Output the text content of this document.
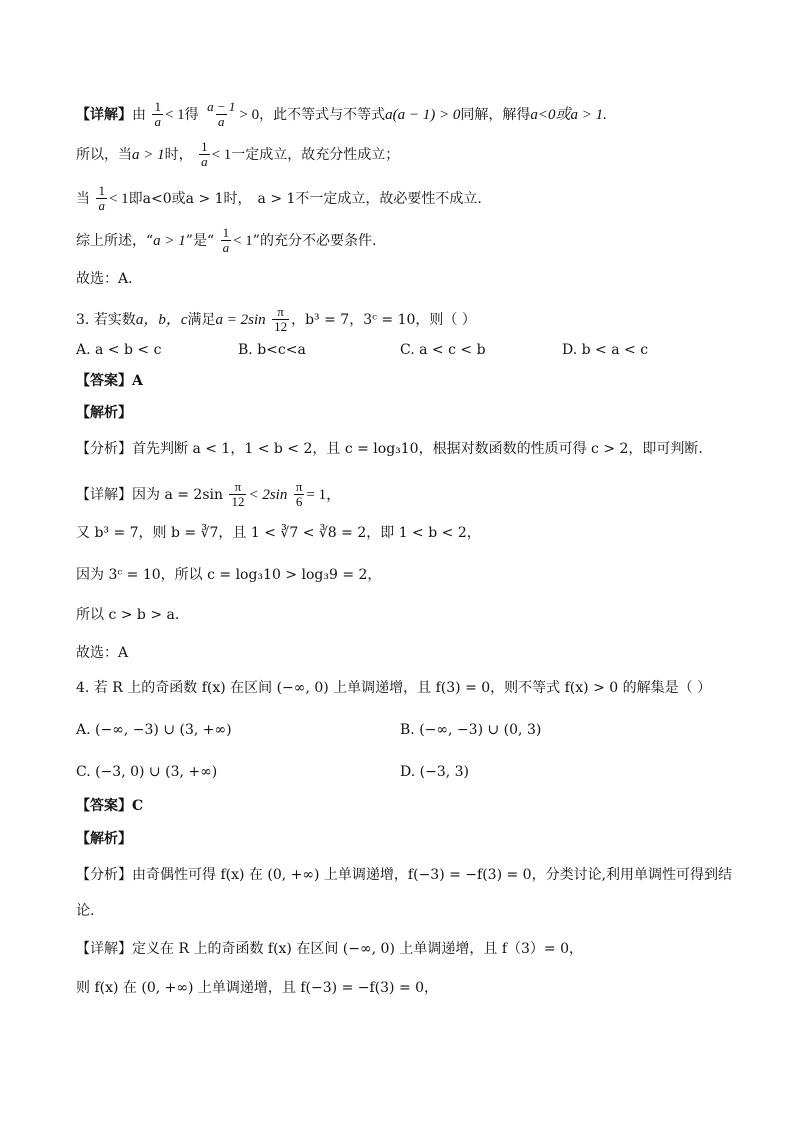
【详解】由 $\frac{1}{a} < 1$得 $\frac{a - 1}{a} > 0$，此不等式与不等式a(a − 1) > 0同解，解得a<0或a > 1.
所以，当a > 1时， $\frac{1}{a} < 1$一定成立，故充分性成立；
当 $\frac{1}{a} < 1$即a<0或a > 1时， a > 1不一定成立，故必要性不成立.
综上所述，“a > 1”是“ $\frac{1}{a} < 1$”的充分不必要条件.
故选：A.
3. 若实数a，b，c满足$a = 2\sin \frac{\pi}{12}$ ，b³ = 7，3ᶜ = 10，则（ ）
A. a < b < c	B. b<c<a	C. a < c < b	D. b < a < c
【答案】A
【解析】
【分析】首先判断 a < 1，1 < b < 2，且 c = log₃10，根据对数函数的性质可得 c > 2，即可判断.
【详解】因为 $a = 2\sin \frac{\pi}{12} < 2\sin \frac{\pi}{6} = 1$，
又 b³ = 7，则 b = ∛7，且 1 < ∛7 < ∛8 = 2，即 1 < b < 2，
因为 3ᶜ = 10，所以 c = log₃10 > log₃9 = 2，
所以 c > b > a.
故选：A
4. 若 R 上的奇函数 f(x) 在区间 (−∞, 0) 上单调递增，且 f(3) = 0，则不等式 f(x) > 0 的解集是（ ）
A. (−∞, −3) ∪ (3, +∞)	B. (−∞, −3) ∪ (0, 3)
C. (−3, 0) ∪ (3, +∞)	D. (−3, 3)
【答案】C
【解析】
【分析】由奇偶性可得 f(x) 在 (0, +∞) 上单调递增，f(−3) = −f(3) = 0，分类讨论,利用单调性可得到结
论.
【详解】定义在 R 上的奇函数 f(x) 在区间 (−∞, 0) 上单调递增，且 f（3）= 0，
则 f(x) 在 (0, +∞) 上单调递增，且 f(−3) = −f(3) = 0，
